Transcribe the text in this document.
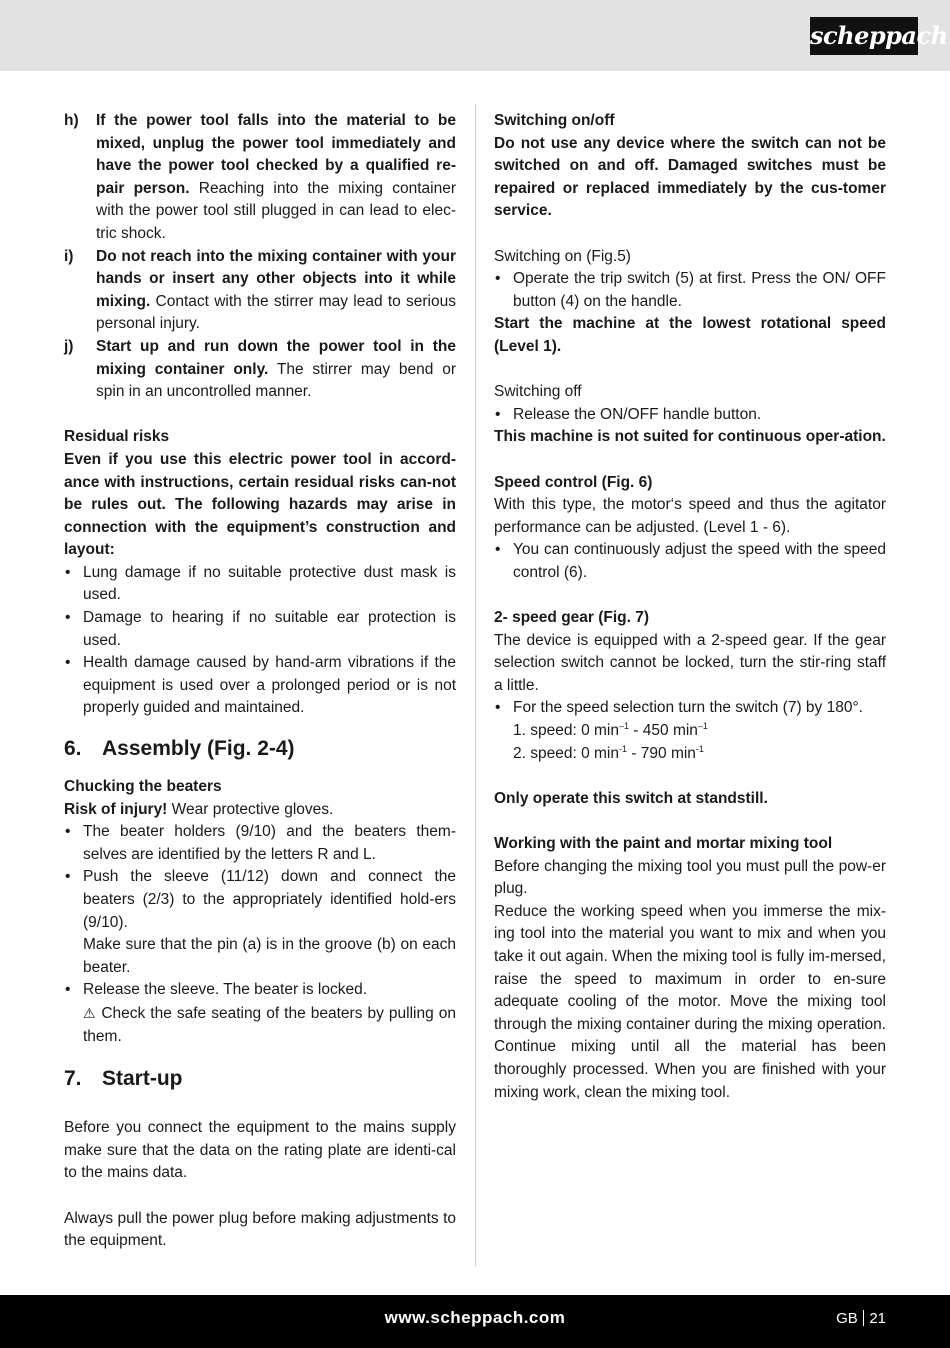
scheppach
h) If the power tool falls into the material to be mixed, unplug the power tool immediately and have the power tool checked by a qualified re-pair person. Reaching into the mixing container with the power tool still plugged in can lead to elec-tric shock.
i) Do not reach into the mixing container with your hands or insert any other objects into it while mixing. Contact with the stirrer may lead to serious personal injury.
j) Start up and run down the power tool in the mixing container only. The stirrer may bend or spin in an uncontrolled manner.

Residual risks

Even if you use this electric power tool in accord-ance with instructions, certain residual risks can-not be rules out. The following hazards may arise in connection with the equipment’s construction and layout:

• Lung damage if no suitable protective dust mask is used.
• Damage to hearing if no suitable ear protection is used.
• Health damage caused by hand-arm vibrations if the equipment is used over a prolonged period or is not properly guided and maintained.
6. Assembly (Fig. 2-4)

Chucking the beaters

Risk of injury! Wear protective gloves.

• The beater holders (9/10) and the beaters them-selves are identified by the letters R and L.
• Push the sleeve (11/12) down and connect the beaters (2/3) to the appropriately identified hold-ers (9/10).
Make sure that the pin (a) is in the groove (b) on each beater.
• Release the sleeve. The beater is locked.
⚠ Check the safe seating of the beaters by pulling on them.
7. Start-up

Before you connect the equipment to the mains supply make sure that the data on the rating plate are identi-cal to the mains data.

Always pull the power plug before making adjustments to the equipment.

Switching on/off

Do not use any device where the switch can not be switched on and off. Damaged switches must be repaired or replaced immediately by the cus-tomer service.

Switching on (Fig.5)

• Operate the trip switch (5) at first. Press the ON/ OFF button (4) on the handle.

Start the machine at the lowest rotational speed (Level 1).

Switching off

• Release the ON/OFF handle button.

This machine is not suited for continuous oper-ation.

Speed control (Fig. 6)

With this type, the motor‘s speed and thus the agitator performance can be adjusted. (Level 1 - 6).

• You can continuously adjust the speed with the speed control (6).

2- speed gear (Fig. 7)

The device is equipped with a 2-speed gear. If the gear selection switch cannot be locked, turn the stir-ring staff a little.

• For the speed selection turn the switch (7) by 180°.
1. speed: 0 $\min^{-1} - 450$ $\min^{-1}$
2. speed: 0 $\min^{-1} - 790$ $\min^{-1}$

Only operate this switch at standstill.

Working with the paint and mortar mixing tool

Before changing the mixing tool you must pull the pow-er plug.

Reduce the working speed when you immerse the mix-ing tool into the material you want to mix and when you take it out again. When the mixing tool is fully im-mersed, raise the speed to maximum in order to en-sure adequate cooling of the motor. Move the mixing tool through the mixing container during the mixing operation. Continue mixing until all the material has been thoroughly processed. When you are finished with your mixing work, clean the mixing tool.

www.scheppach.com	GB 21
